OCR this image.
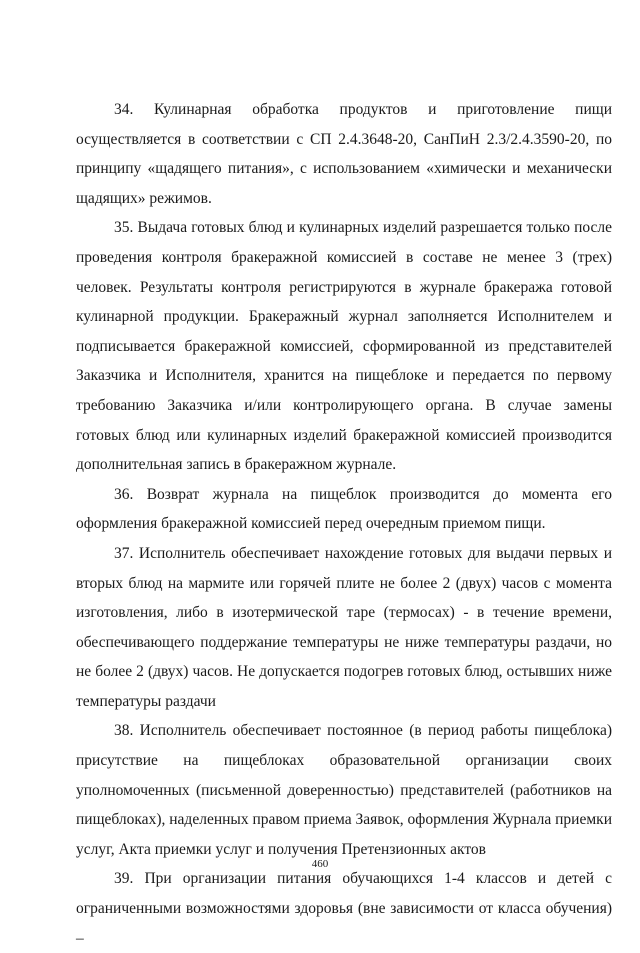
34. Кулинарная обработка продуктов и приготовление пищи осуществляется в соответствии с СП 2.4.3648-20, СанПиН 2.3/2.4.3590-20, по принципу «щадящего питания», с использованием «химически и механически щадящих» режимов.

35. Выдача готовых блюд и кулинарных изделий разрешается только после проведения контроля бракеражной комиссией в составе не менее 3 (трех) человек. Результаты контроля регистрируются в журнале бракеража готовой кулинарной продукции. Бракеражный журнал заполняется Исполнителем и подписывается бракеражной комиссией, сформированной из представителей Заказчика и Исполнителя, хранится на пищеблоке и передается по первому требованию Заказчика и/или контролирующего органа. В случае замены готовых блюд или кулинарных изделий бракеражной комиссией производится дополнительная запись в бракеражном журнале.

36. Возврат журнала на пищеблок производится до момента его оформления бракеражной комиссией перед очередным приемом пищи.

37. Исполнитель обеспечивает нахождение готовых для выдачи первых и вторых блюд на мармите или горячей плите не более 2 (двух) часов с момента изготовления, либо в изотермической таре (термосах) - в течение времени, обеспечивающего поддержание температуры не ниже температуры раздачи, но не более 2 (двух) часов. Не допускается подогрев готовых блюд, остывших ниже температуры раздачи

38. Исполнитель обеспечивает постоянное (в период работы пищеблока) присутствие на пищеблоках образовательной организации своих уполномоченных (письменной доверенностью) представителей (работников на пищеблоках), наделенных правом приема Заявок, оформления Журнала приемки услуг, Акта приемки услуг и получения Претензионных актов

39. При организации питания обучающихся 1-4 классов и детей с ограниченными возможностями здоровья (вне зависимости от класса обучения) –

460
